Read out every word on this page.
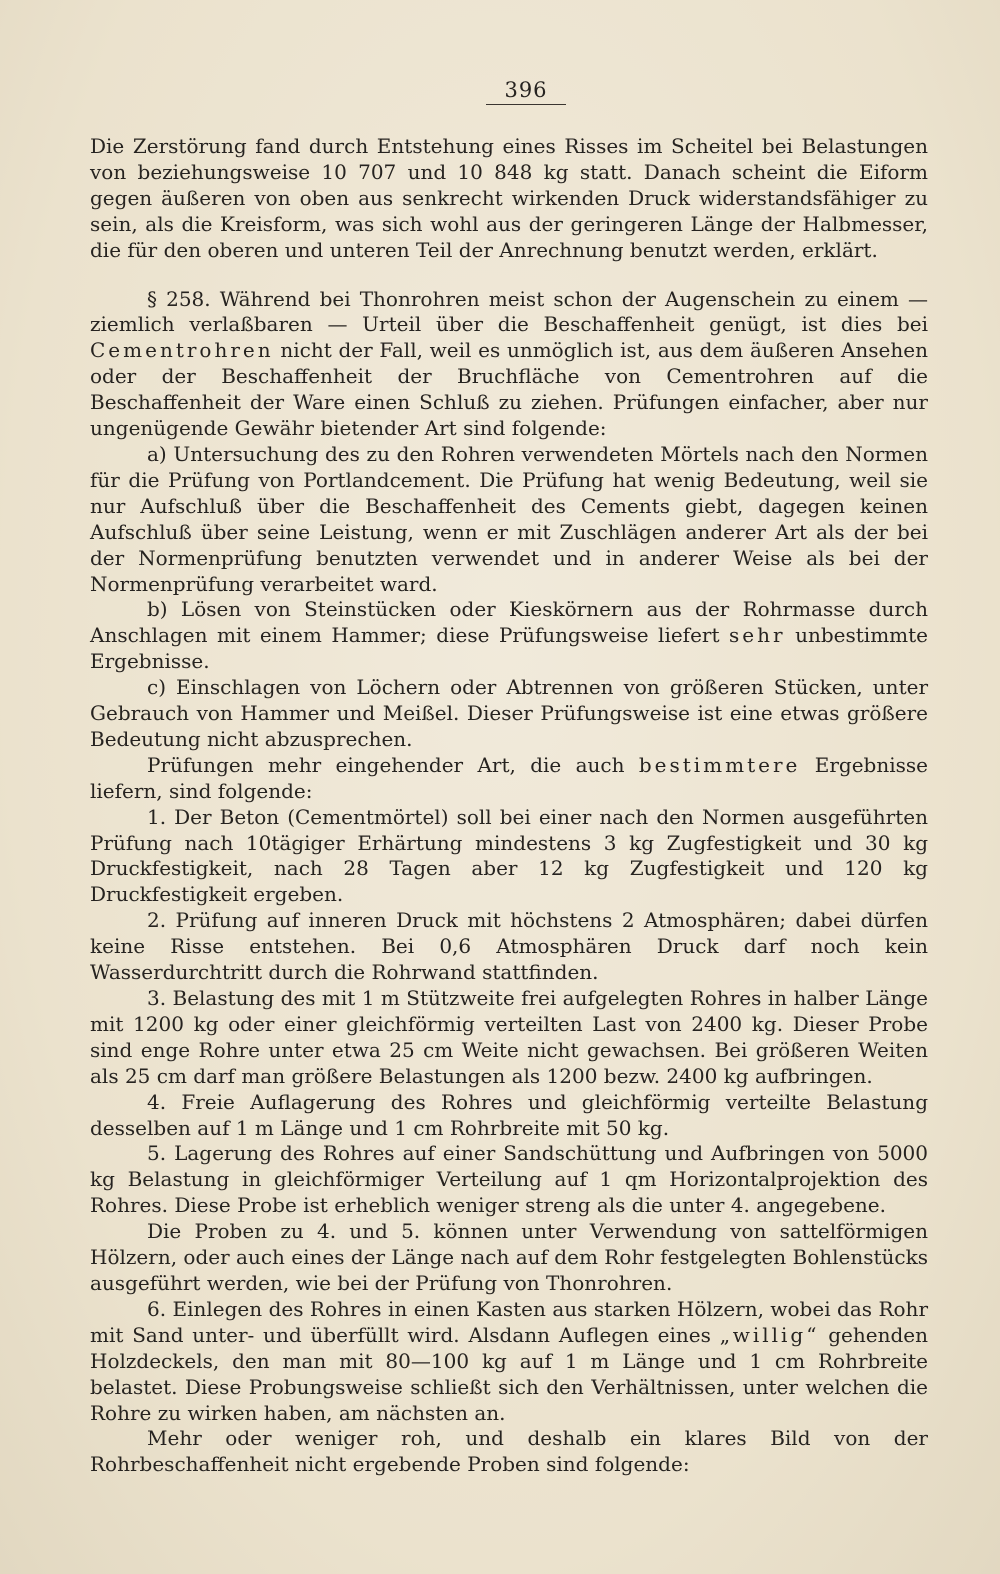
396

Die Zerstörung fand durch Entstehung eines Risses im Scheitel bei Belastungen von beziehungsweise 10 707 und 10 848 kg statt. Danach scheint die Eiform gegen äußeren von oben aus senkrecht wirkenden Druck widerstandsfähiger zu sein, als die Kreisform, was sich wohl aus der geringeren Länge der Halbmesser, die für den oberen und unteren Teil der Anrechnung benutzt werden, erklärt.

§ 258. Während bei Thonrohren meist schon der Augenschein zu einem — ziemlich verlaßbaren — Urteil über die Beschaffenheit genügt, ist dies bei Cementrohren nicht der Fall, weil es unmöglich ist, aus dem äußeren Ansehen oder der Beschaffenheit der Bruchfläche von Cementrohren auf die Beschaffenheit der Ware einen Schluß zu ziehen. Prüfungen einfacher, aber nur ungenügende Gewähr bietender Art sind folgende:

a) Untersuchung des zu den Rohren verwendeten Mörtels nach den Normen für die Prüfung von Portlandcement. Die Prüfung hat wenig Bedeutung, weil sie nur Aufschluß über die Beschaffenheit des Cements giebt, dagegen keinen Aufschluß über seine Leistung, wenn er mit Zuschlägen anderer Art als der bei der Normenprüfung benutzten verwendet und in anderer Weise als bei der Normenprüfung verarbeitet ward.

b) Lösen von Steinstücken oder Kieskörnern aus der Rohrmasse durch Anschlagen mit einem Hammer; diese Prüfungsweise liefert sehr unbestimmte Ergebnisse.

c) Einschlagen von Löchern oder Abtrennen von größeren Stücken, unter Gebrauch von Hammer und Meißel. Dieser Prüfungsweise ist eine etwas größere Bedeutung nicht abzusprechen.

Prüfungen mehr eingehender Art, die auch bestimmtere Ergebnisse liefern, sind folgende:

1. Der Beton (Cementmörtel) soll bei einer nach den Normen ausgeführten Prüfung nach 10tägiger Erhärtung mindestens 3 kg Zugfestigkeit und 30 kg Druckfestigkeit, nach 28 Tagen aber 12 kg Zugfestigkeit und 120 kg Druckfestigkeit ergeben.

2. Prüfung auf inneren Druck mit höchstens 2 Atmosphären; dabei dürfen keine Risse entstehen. Bei 0,6 Atmosphären Druck darf noch kein Wasserdurchtritt durch die Rohrwand stattfinden.

3. Belastung des mit 1 m Stützweite frei aufgelegten Rohres in halber Länge mit 1200 kg oder einer gleichförmig verteilten Last von 2400 kg. Dieser Probe sind enge Rohre unter etwa 25 cm Weite nicht gewachsen. Bei größeren Weiten als 25 cm darf man größere Belastungen als 1200 bezw. 2400 kg aufbringen.

4. Freie Auflagerung des Rohres und gleichförmig verteilte Belastung desselben auf 1 m Länge und 1 cm Rohrbreite mit 50 kg.

5. Lagerung des Rohres auf einer Sandschüttung und Aufbringen von 5000 kg Belastung in gleichförmiger Verteilung auf 1 qm Horizontalprojektion des Rohres. Diese Probe ist erheblich weniger streng als die unter 4. angegebene.

Die Proben zu 4. und 5. können unter Verwendung von sattelförmigen Hölzern, oder auch eines der Länge nach auf dem Rohr festgelegten Bohlenstücks ausgeführt werden, wie bei der Prüfung von Thonrohren.

6. Einlegen des Rohres in einen Kasten aus starken Hölzern, wobei das Rohr mit Sand unter- und überfüllt wird. Alsdann Auflegen eines „willig“ gehenden Holzdeckels, den man mit 80—100 kg auf 1 m Länge und 1 cm Rohrbreite belastet. Diese Probungsweise schließt sich den Verhältnissen, unter welchen die Rohre zu wirken haben, am nächsten an.

Mehr oder weniger roh, und deshalb ein klares Bild von der Rohrbeschaffenheit nicht ergebende Proben sind folgende:
